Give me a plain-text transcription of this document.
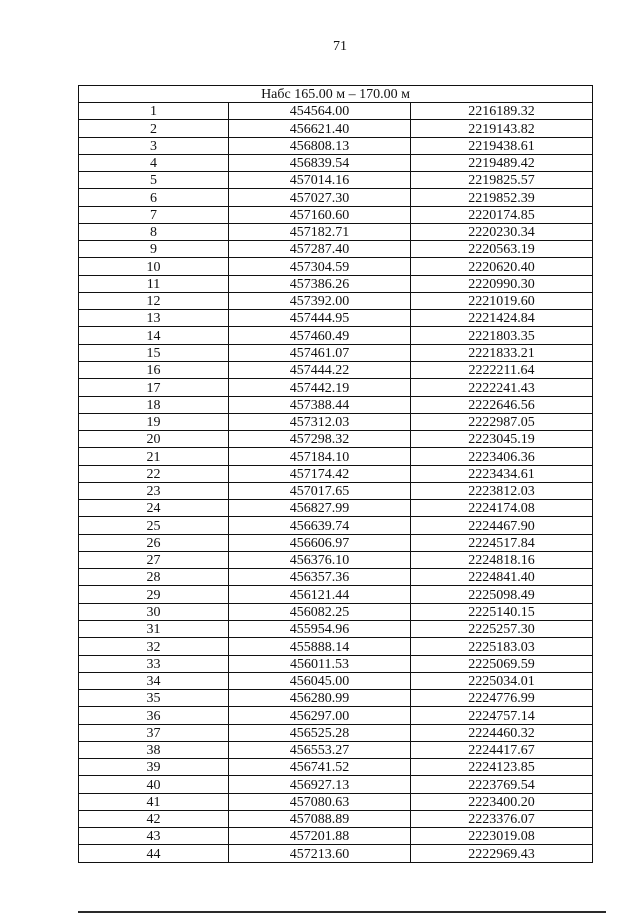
71
Набс 165.00 м – 170.00 м		
1	454564.00	2216189.32
2	456621.40	2219143.82
3	456808.13	2219438.61
4	456839.54	2219489.42
5	457014.16	2219825.57
6	457027.30	2219852.39
7	457160.60	2220174.85
8	457182.71	2220230.34
9	457287.40	2220563.19
10	457304.59	2220620.40
11	457386.26	2220990.30
12	457392.00	2221019.60
13	457444.95	2221424.84
14	457460.49	2221803.35
15	457461.07	2221833.21
16	457444.22	2222211.64
17	457442.19	2222241.43
18	457388.44	2222646.56
19	457312.03	2222987.05
20	457298.32	2223045.19
21	457184.10	2223406.36
22	457174.42	2223434.61
23	457017.65	2223812.03
24	456827.99	2224174.08
25	456639.74	2224467.90
26	456606.97	2224517.84
27	456376.10	2224818.16
28	456357.36	2224841.40
29	456121.44	2225098.49
30	456082.25	2225140.15
31	455954.96	2225257.30
32	455888.14	2225183.03
33	456011.53	2225069.59
34	456045.00	2225034.01
35	456280.99	2224776.99
36	456297.00	2224757.14
37	456525.28	2224460.32
38	456553.27	2224417.67
39	456741.52	2224123.85
40	456927.13	2223769.54
41	457080.63	2223400.20
42	457088.89	2223376.07
43	457201.88	2223019.08
44	457213.60	2222969.43
